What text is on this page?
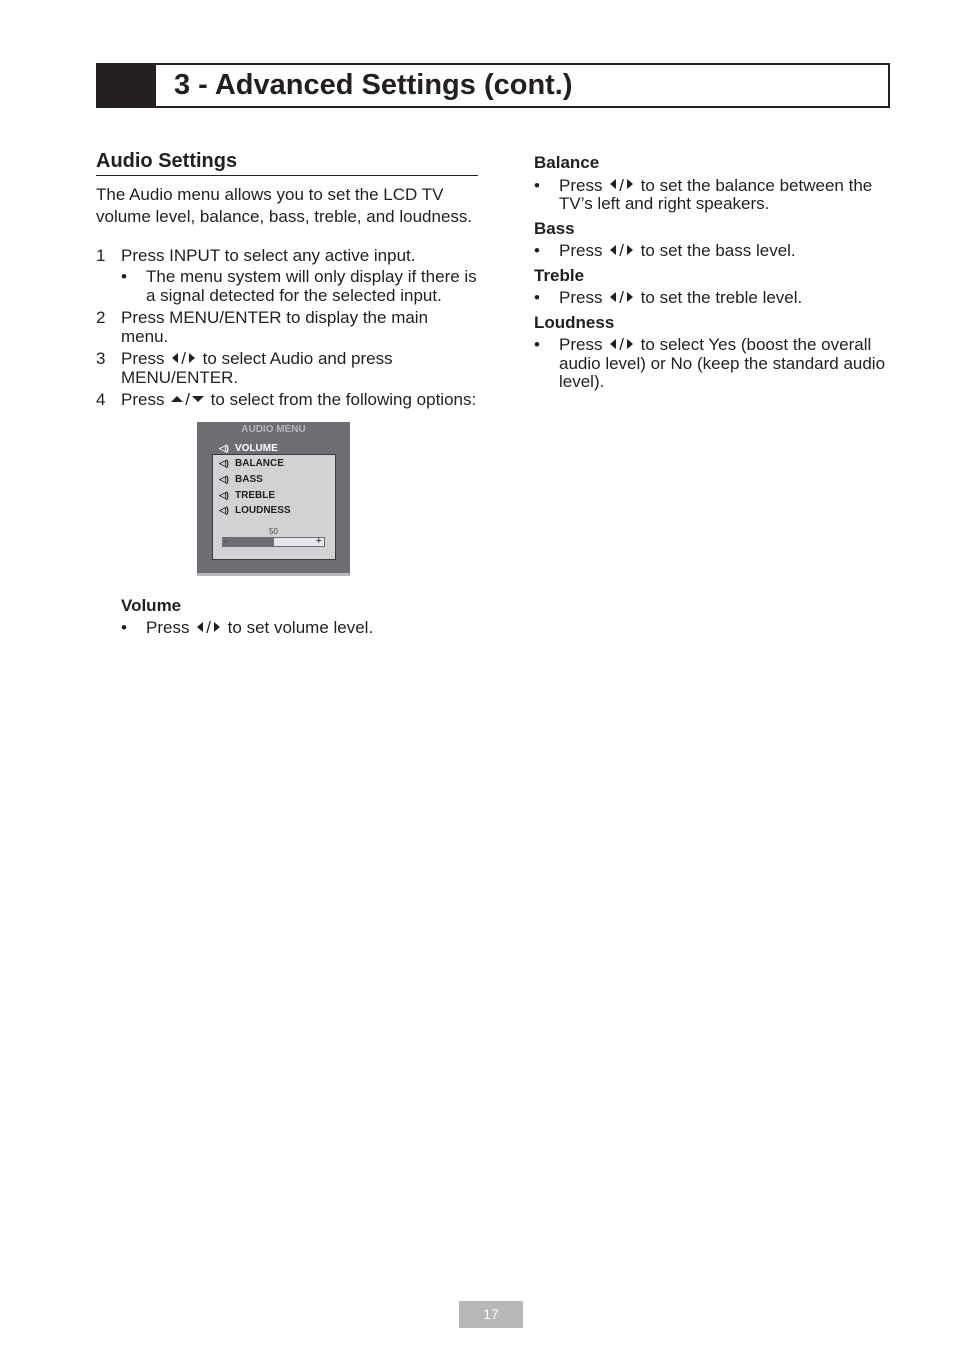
3 - Advanced Settings (cont.)
Audio Settings

The Audio menu allows you to set the LCD TV volume level, balance, bass, treble, and loudness.

1 Press INPUT to select any active input.
• The menu system will only display if there is a signal detected for the selected input.
2 Press MENU/ENTER to display the main menu.
3 Press / to select Audio and press MENU/ENTER.
4 Press / to select from the following options:
AUDIO MENU
◁) VOLUME
◁) BALANCE
◁) BASS
◁) TREBLE
◁) LOUDNESS
50
-	+
Volume
• Press / to set volume level.
Balance
• Press / to set the balance between the TV’s left and right speakers.
Bass
• Press / to set the bass level.
Treble
• Press / to set the treble level.
Loudness
• Press / to select Yes (boost the overall audio level) or No (keep the standard audio level).
17
